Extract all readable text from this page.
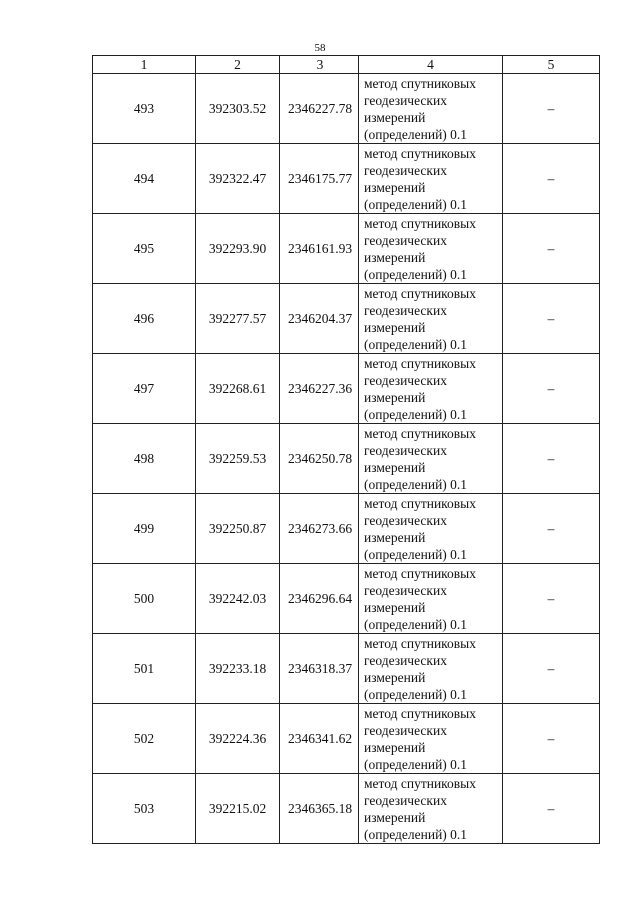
58
1	2	3	4	5
493	392303.52	2346227.78	метод спутниковых геодезических измерений (определений) 0.1	–
494	392322.47	2346175.77	метод спутниковых геодезических измерений (определений) 0.1	–
495	392293.90	2346161.93	метод спутниковых геодезических измерений (определений) 0.1	–
496	392277.57	2346204.37	метод спутниковых геодезических измерений (определений) 0.1	–
497	392268.61	2346227.36	метод спутниковых геодезических измерений (определений) 0.1	–
498	392259.53	2346250.78	метод спутниковых геодезических измерений (определений) 0.1	–
499	392250.87	2346273.66	метод спутниковых геодезических измерений (определений) 0.1	–
500	392242.03	2346296.64	метод спутниковых геодезических измерений (определений) 0.1	–
501	392233.18	2346318.37	метод спутниковых геодезических измерений (определений) 0.1	–
502	392224.36	2346341.62	метод спутниковых геодезических измерений (определений) 0.1	–
503	392215.02	2346365.18	метод спутниковых геодезических измерений (определений) 0.1	–
